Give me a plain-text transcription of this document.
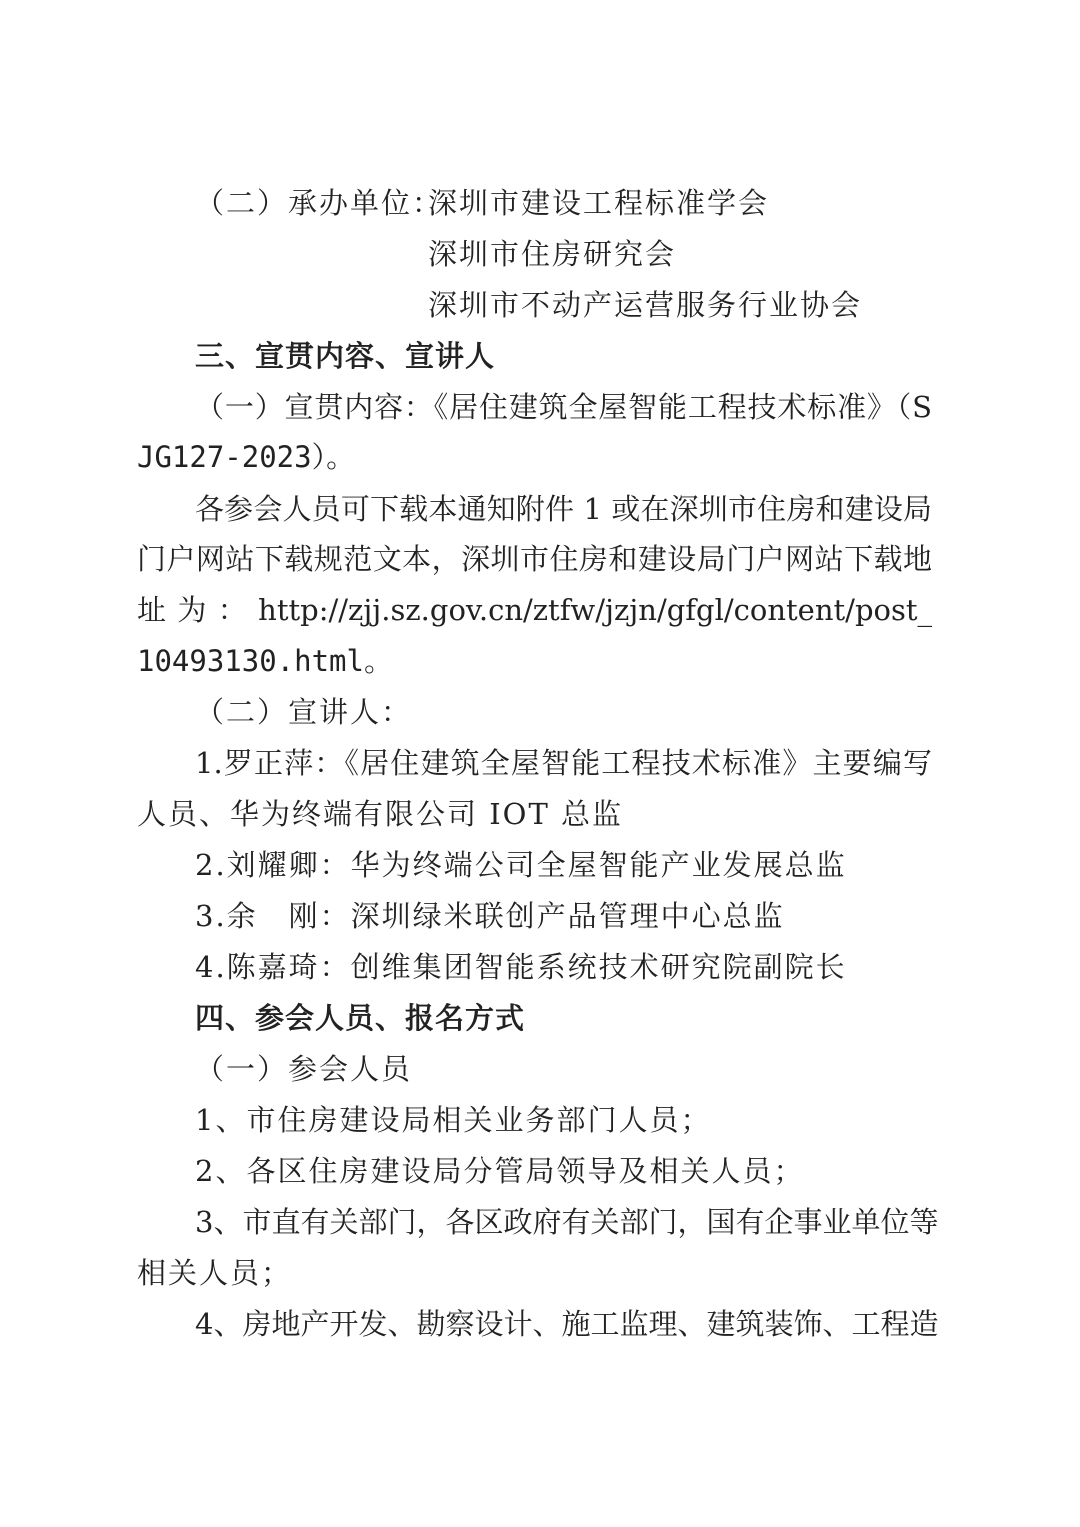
（二）承办单位：
深圳市建设工程标准学会
深圳市住房研究会
深圳市不动产运营服务行业协会
三、宣贯内容、宣讲人
（一）宣贯内容：《居住建筑全屋智能工程技术标准》（S
JG127-2023）。
各参会人员可下载本通知附件 1 或在深圳市住房和建设局
门户网站下载规范文本，深圳市住房和建设局门户网站下载地
址为：http://zjj.sz.gov.cn/ztfw/jzjn/gfgl/content/post_
10493130.html。
（二）宣讲人：
1.罗正萍：《居住建筑全屋智能工程技术标准》主要编写
人员、华为终端有限公司 IOT 总监
2.刘耀卿：华为终端公司全屋智能产业发展总监
3.余　刚：深圳绿米联创产品管理中心总监
4.陈嘉琦：创维集团智能系统技术研究院副院长
四、参会人员、报名方式
（一）参会人员
1、市住房建设局相关业务部门人员；
2、各区住房建设局分管局领导及相关人员；
3、市直有关部门，各区政府有关部门，国有企事业单位等
相关人员；
4、房地产开发、勘察设计、施工监理、建筑装饰、工程造
